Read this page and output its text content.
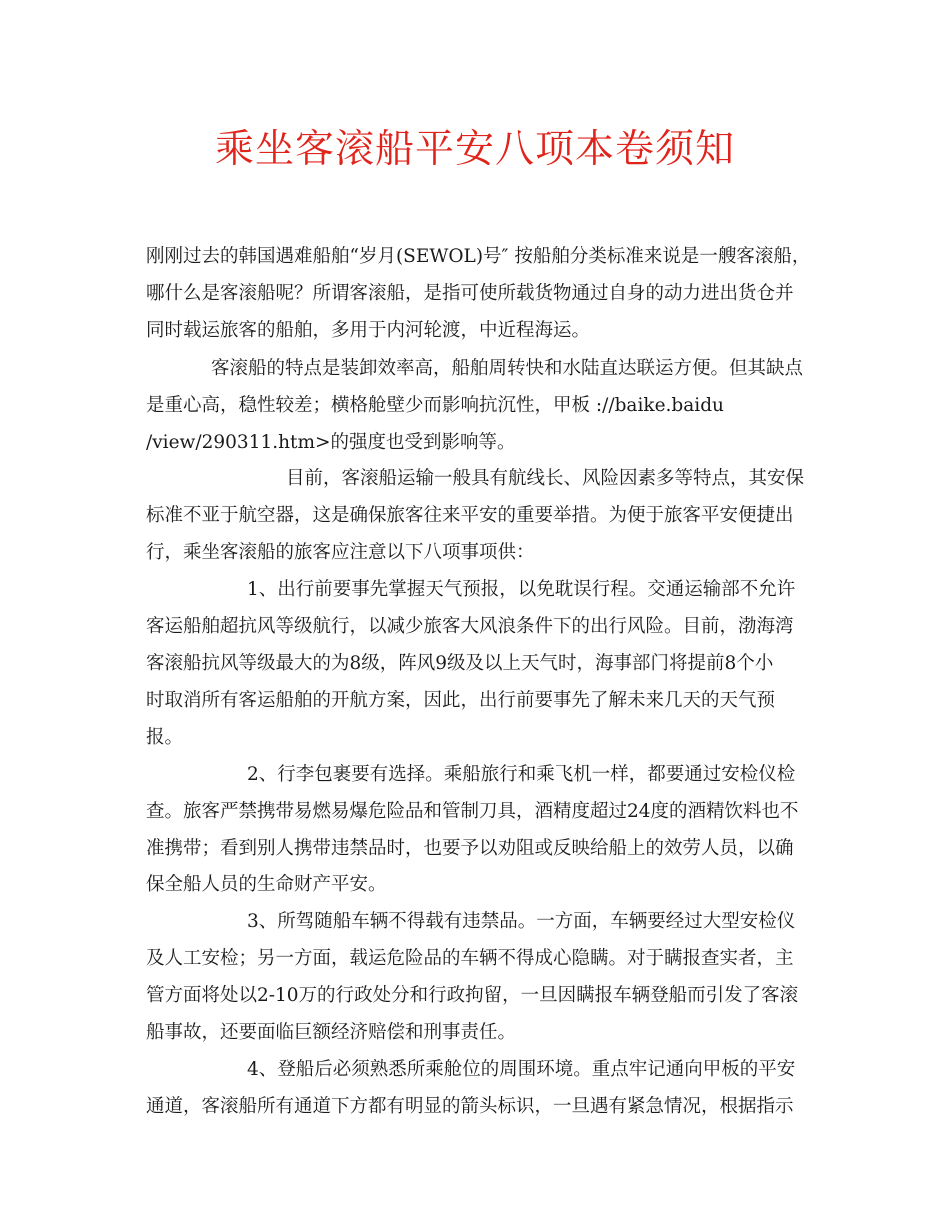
乘坐客滚船平安八项本卷须知
刚刚过去的韩国遇难船舶“岁月(SEWOL)号″ 按船舶分类标准来说是一艘客滚船，
哪什么是客滚船呢？所谓客滚船，是指可使所载货物通过自身的动力进出货仓并
同时载运旅客的船舶，多用于内河轮渡，中近程海运。
客滚船的特点是装卸效率高，船舶周转快和水陆直达联运方便。但其缺点
是重心高，稳性较差；横格舱壁少而影响抗沉性，甲板 ://baike.baidu
/view/290311.htm>的强度也受到影响等。
目前，客滚船运输一般具有航线长、风险因素多等特点，其安保
标准不亚于航空器，这是确保旅客往来平安的重要举措。为便于旅客平安便捷出
行，乘坐客滚船的旅客应注意以下八项事项供：
1、出行前要事先掌握天气预报，以免耽误行程。交通运输部不允许
客运船舶超抗风等级航行，以减少旅客大风浪条件下的出行风险。目前，渤海湾
客滚船抗风等级最大的为8级，阵风9级及以上天气时，海事部门将提前8个小
时取消所有客运船舶的开航方案，因此，出行前要事先了解未来几天的天气预
报。
2、行李包裹要有选择。乘船旅行和乘飞机一样，都要通过安检仪检
查。旅客严禁携带易燃易爆危险品和管制刀具，酒精度超过24度的酒精饮料也不
准携带；看到别人携带违禁品时，也要予以劝阻或反映给船上的效劳人员，以确
保全船人员的生命财产平安。
3、所驾随船车辆不得载有违禁品。一方面，车辆要经过大型安检仪
及人工安检；另一方面，载运危险品的车辆不得成心隐瞒。对于瞒报查实者，主
管方面将处以2-10万的行政处分和行政拘留，一旦因瞒报车辆登船而引发了客滚
船事故，还要面临巨额经济赔偿和刑事责任。
4、登船后必须熟悉所乘舱位的周围环境。重点牢记通向甲板的平安
通道，客滚船所有通道下方都有明显的箭头标识，一旦遇有紧急情况，根据指示
